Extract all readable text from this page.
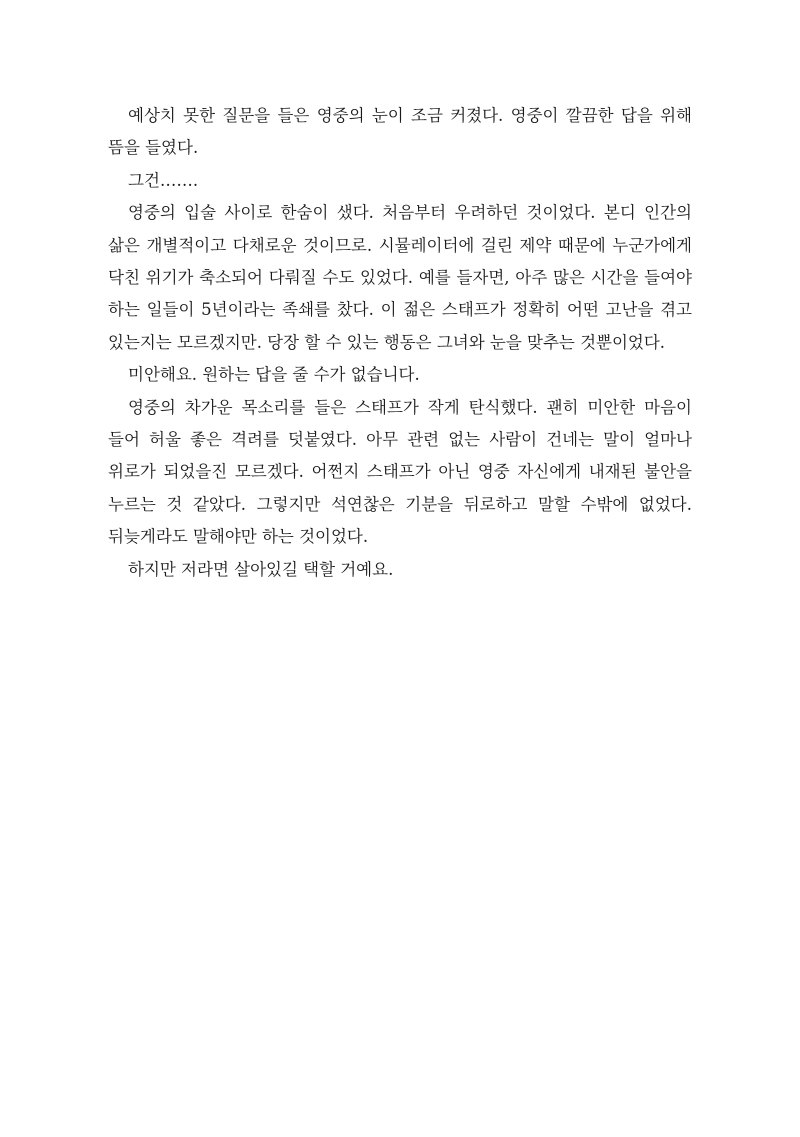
예상치 못한 질문을 들은 영중의 눈이 조금 커졌다. 영중이 깔끔한 답을 위해 뜸을 들였다.

그건…….

영중의 입술 사이로 한숨이 샜다. 처음부터 우려하던 것이었다. 본디 인간의 삶은 개별적이고 다채로운 것이므로. 시뮬레이터에 걸린 제약 때문에 누군가에게 닥친 위기가 축소되어 다뤄질 수도 있었다. 예를 들자면, 아주 많은 시간을 들여야 하는 일들이 5년이라는 족쇄를 찼다. 이 젊은 스태프가 정확히 어떤 고난을 겪고 있는지는 모르겠지만. 당장 할 수 있는 행동은 그녀와 눈을 맞추는 것뿐이었다.

미안해요. 원하는 답을 줄 수가 없습니다.

영중의 차가운 목소리를 들은 스태프가 작게 탄식했다. 괜히 미안한 마음이 들어 허울 좋은 격려를 덧붙였다. 아무 관련 없는 사람이 건네는 말이 얼마나 위로가 되었을진 모르겠다. 어쩐지 스태프가 아닌 영중 자신에게 내재된 불안을 누르는 것 같았다. 그렇지만 석연찮은 기분을 뒤로하고 말할 수밖에 없었다. 뒤늦게라도 말해야만 하는 것이었다.

하지만 저라면 살아있길 택할 거예요.
